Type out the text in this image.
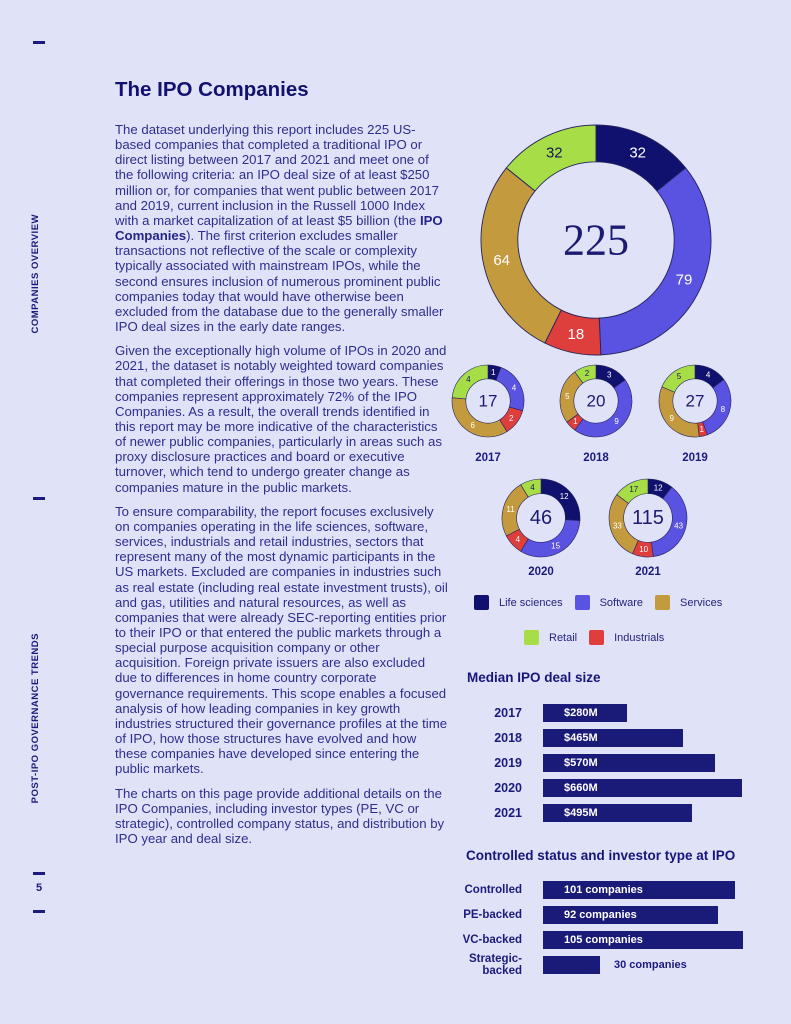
COMPANIES OVERVIEW
POST-IPO GOVERNANCE TRENDS
5
The IPO Companies

The dataset underlying this report includes 225 US-based companies that completed a traditional IPO or direct listing between 2017 and 2021 and meet one of the following criteria: an IPO deal size of at least $250 million or, for companies that went public between 2017 and 2019, current inclusion in the Russell 1000 Index with a market capitalization of at least $5 billion (the IPO Companies). The first criterion excludes smaller transactions not reflective of the scale or complexity typically associated with mainstream IPOs, while the second ensures inclusion of numerous prominent public companies today that would have otherwise been excluded from the database due to the generally smaller IPO deal sizes in the early date ranges.

Given the exceptionally high volume of IPOs in 2020 and 2021, the dataset is notably weighted toward companies that completed their offerings in those two years. These companies represent approximately 72% of the IPO Companies. As a result, the overall trends identified in this report may be more indicative of the characteristics of newer public companies, particularly in areas such as proxy disclosure practices and board or executive turnover, which tend to undergo greater change as companies mature in the public markets.

To ensure comparability, the report focuses exclusively on companies operating in the life sciences, software, services, industrials and retail industries, sectors that represent many of the most dynamic participants in the US markets. Excluded are companies in industries such as real estate (including real estate investment trusts), oil and gas, utilities and natural resources, as well as companies that were already SEC-reporting entities prior to their IPO or that entered the public markets through a special purpose acquisition company or other acquisition. Foreign private issuers are also excluded due to differences in home country corporate governance requirements. This scope enables a focused analysis of how leading companies in key growth industries structured their governance profiles at the time of IPO, how those structures have evolved and how these companies have developed since entering the public markets.

The charts on this page provide additional details on the IPO Companies, including investor types (PE, VC or strategic), controlled company status, and distribution by IPO year and deal size.

32
79
18
64
32
225
1
4
2
6
4
17
3
9
1
5
2
20
4
8
1
9
5
27
2017	2018	2019
12
15
4
11
4
46
12
43
10
33
17
115
2020	2021
Life sciences	Software	Services
Retail	Industrials
Median IPO deal size
2017	$280M
2018	$465M
2019	$570M
2020	$660M
2021	$495M
Controlled status and investor type at IPO
Controlled	101 companies
PE-backed	92 companies
VC-backed	105 companies
Strategic-backed	30 companies
